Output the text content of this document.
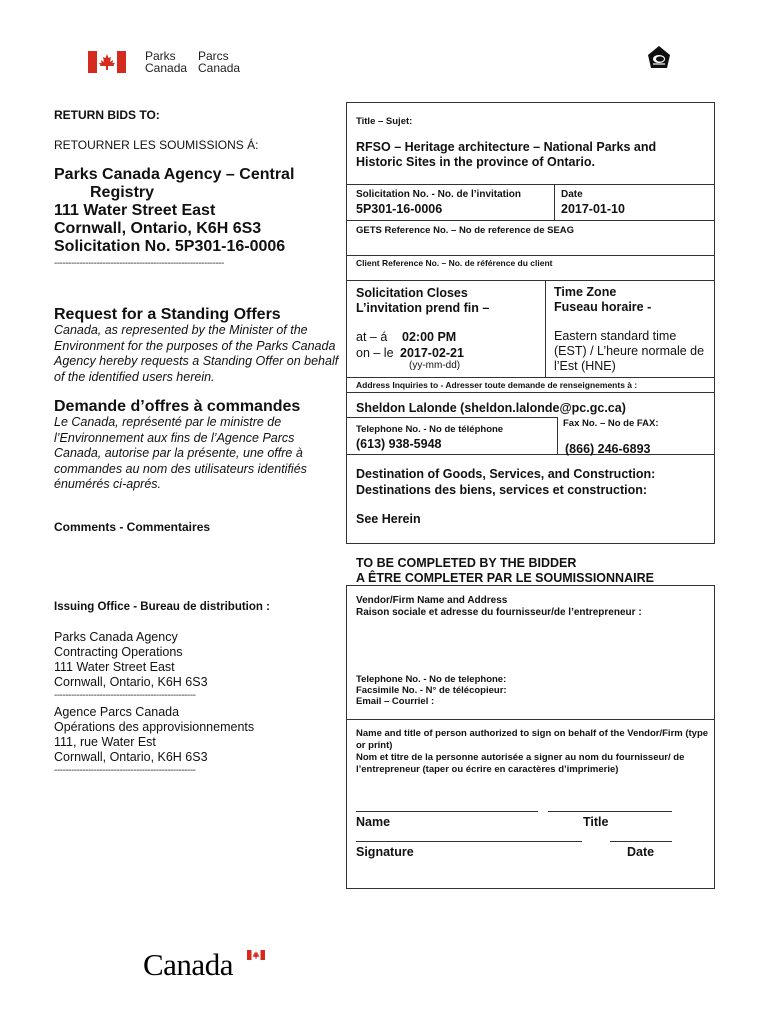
Parks
Canada
Parcs
Canada
RETURN BIDS TO:
RETOURNER LES SOUMISSIONS Á:
Parks Canada Agency – Central
Registry
111 Water Street East
Cornwall, Ontario, K6H 6S3
Solicitation No. 5P301-16-0006
------------------------------------------------------------
Request for a Standing Offers
Canada, as represented by the Minister of the Environment for the purposes of the Parks Canada Agency hereby requests a Standing Offer on behalf of the identified users herein.
Demande d’offres à commandes
Le Canada, représenté par le ministre de l’Environnement aux fins de l’Agence Parcs Canada, autorise par la présente, une offre à commandes au nom des utilisateurs identifiés énumérés ci-aprés.
Comments - Commentaires
Issuing Office - Bureau de distribution :
Parks Canada Agency
Contracting Operations
111 Water Street East
Cornwall, Ontario, K6H 6S3
--------------------------------------------------
Agence Parcs Canada
Opérations des approvisionnements
111, rue Water Est
Cornwall, Ontario, K6H 6S3
--------------------------------------------------
Title – Sujet:
RFSO – Heritage architecture – National Parks and Historic Sites in the province of Ontario.
Solicitation No. - No. de l’invitation
5P301-16-0006
Date
2017-01-10
GETS Reference No. – No de reference de SEAG
Client Reference No. – No. de référence du client
Solicitation Closes
L’invitation prend fin –
at – á 02:00 PM
on – le 2017-02-21
(yy-mm-dd)
Time Zone
Fuseau horaire -
Eastern standard time (EST) / L’heure normale de l’Est (HNE)
Address Inquiries to - Adresser toute demande de renseignements à :
Sheldon Lalonde (sheldon.lalonde@pc.gc.ca)
Telephone No. - No de téléphone
(613) 938-5948
Fax No. – No de FAX:
(866) 246-6893
Destination of Goods, Services, and Construction:
Destinations des biens, services et construction:
See Herein
TO BE COMPLETED BY THE BIDDER
A ÊTRE COMPLETER PAR LE SOUMISSIONNAIRE
Vendor/Firm Name and Address
Raison sociale et adresse du fournisseur/de l’entrepreneur :
Telephone No. - No de telephone:
Facsimile No. - N° de télécopieur:
Email – Courriel :
Name and title of person authorized to sign on behalf of the Vendor/Firm (type or print)
Nom et titre de la personne autorisée a signer au nom du fournisseur/ de l’entrepreneur (taper ou écrire en caractères d’imprimerie)
Name	Title
Signature	Date
Canada
